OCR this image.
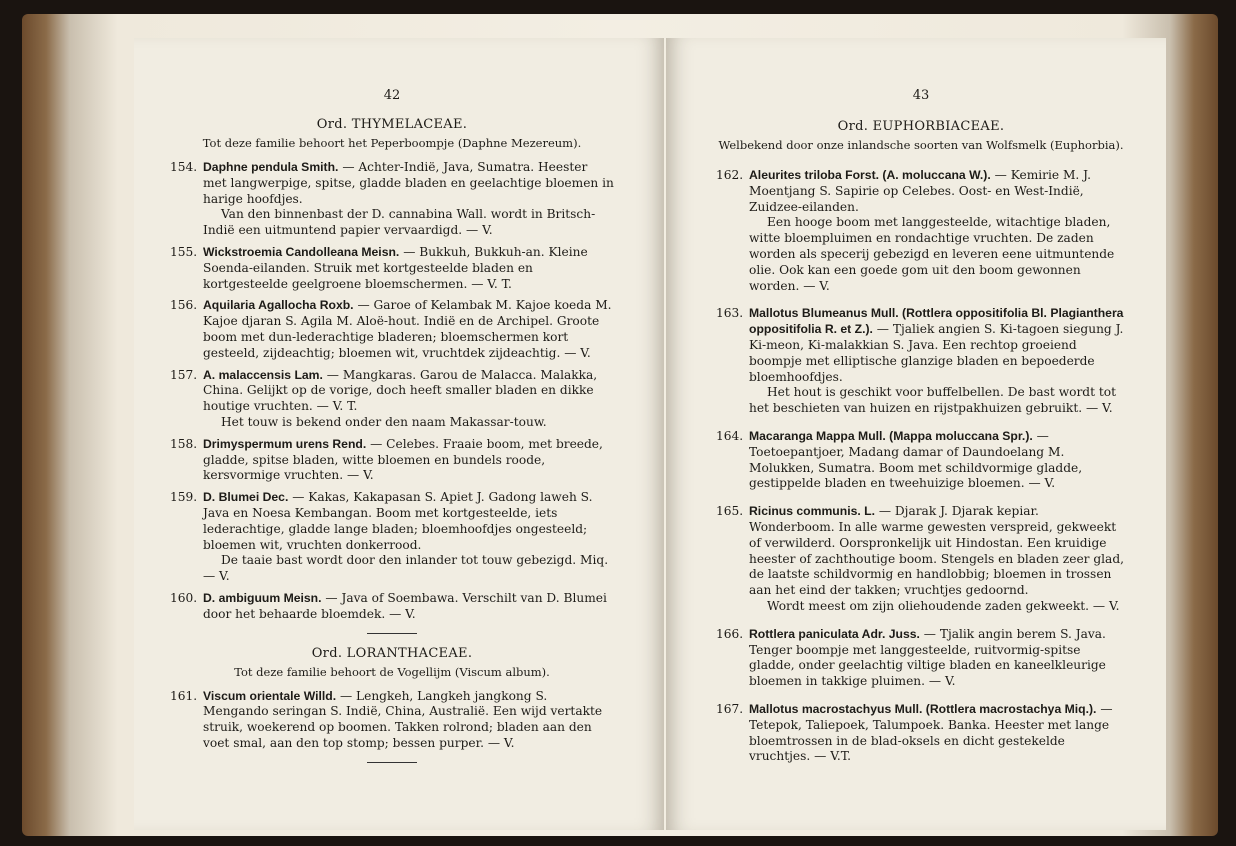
42
Ord. THYMELACEAE.
Tot deze familie behoort het Peperboompje (Daphne Mezereum).
154. Daphne pendula Smith. — Achter-Indië, Java, Sumatra. Heester met langwerpige, spitse, gladde bladen en geelachtige bloemen in harige hoofdjes.
Van den binnenbast der D. cannabina Wall. wordt in Britsch-Indië een uitmuntend papier vervaardigd. — V.
155. Wickstroemia Candolleana Meisn. — Bukkuh, Bukkuh-an. Kleine Soenda-eilanden. Struik met kortgesteelde bladen en kortgesteelde geelgroene bloemschermen. — V. T.
156. Aquilaria Agallocha Roxb. — Garoe of Kelambak M. Kajoe koeda M. Kajoe djaran S. Agila M. Aloë-hout. Indië en de Archipel. Groote boom met dun-lederachtige bladeren; bloemschermen kort gesteeld, zijdeachtig; bloemen wit, vruchtdek zijdeachtig. — V.
157. A. malaccensis Lam. — Mangkaras. Garou de Malacca. Malakka, China. Gelijkt op de vorige, doch heeft smaller bladen en dikke houtige vruchten. — V. T.
Het touw is bekend onder den naam Makassar-touw.
158. Drimyspermum urens Rend. — Celebes. Fraaie boom, met breede, gladde, spitse bladen, witte bloemen en bundels roode, kersvormige vruchten. — V.
159. D. Blumei Dec. — Kakas, Kakapasan S. Apiet J. Gadong laweh S. Java en Noesa Kembangan. Boom met kortgesteelde, iets lederachtige, gladde lange bladen; bloemhoofdjes ongesteeld; bloemen wit, vruchten donkerrood.
De taaie bast wordt door den inlander tot touw gebezigd. Miq. — V.
160. D. ambiguum Meisn. — Java of Soembawa. Verschilt van D. Blumei door het behaarde bloemdek. — V.
Ord. LORANTHACEAE.
Tot deze familie behoort de Vogellijm (Viscum album).
161. Viscum orientale Willd. — Lengkeh, Langkeh jangkong S. Mengando seringan S. Indië, China, Australië. Een wijd vertakte struik, woekerend op boomen. Takken rolrond; bladen aan den voet smal, aan den top stomp; bessen purper. — V.
43
Ord. EUPHORBIACEAE.
Welbekend door onze inlandsche soorten van Wolfsmelk (Euphorbia).
162. Aleurites triloba Forst. (A. moluccana W.). — Kemirie M. J. Moentjang S. Sapirie op Celebes. Oost- en West-Indië, Zuidzee-eilanden.
Een hooge boom met langgesteelde, witachtige bladen, witte bloempluimen en rondachtige vruchten. De zaden worden als specerij gebezigd en leveren eene uitmuntende olie. Ook kan een goede gom uit den boom gewonnen worden. — V.
163. Mallotus Blumeanus Mull. (Rottlera oppositifolia Bl. Plagianthera oppositifolia R. et Z.). — Tjaliek angien S. Ki-tagoen siegung J. Ki-meon, Ki-malakkian S. Java. Een rechtop groeiend boompje met elliptische glanzige bladen en bepoederde bloemhoofdjes.
Het hout is geschikt voor buffelbellen. De bast wordt tot het beschieten van huizen en rijstpakhuizen gebruikt. — V.
164. Macaranga Mappa Mull. (Mappa moluccana Spr.). — Toetoepantjoer, Madang damar of Daundoelang M. Molukken, Sumatra. Boom met schildvormige gladde, gestippelde bladen en tweehuizige bloemen. — V.
165. Ricinus communis. L. — Djarak J. Djarak kepiar. Wonderboom. In alle warme gewesten verspreid, gekweekt of verwilderd. Oorspronkelijk uit Hindostan. Een kruidige heester of zachthoutige boom. Stengels en bladen zeer glad, de laatste schildvormig en handlobbig; bloemen in trossen aan het eind der takken; vruchtjes gedoornd.
Wordt meest om zijn oliehoudende zaden gekweekt. — V.
166. Rottlera paniculata Adr. Juss. — Tjalik angin berem S. Java. Tenger boompje met langgesteelde, ruitvormig-spitse gladde, onder geelachtig viltige bladen en kaneelkleurige bloemen in takkige pluimen. — V.
167. Mallotus macrostachyus Mull. (Rottlera macrostachya Miq.). — Tetepok, Taliepoek, Talumpoek. Banka. Heester met lange bloemtrossen in de blad-oksels en dicht gestekelde vruchtjes. — V.T.
